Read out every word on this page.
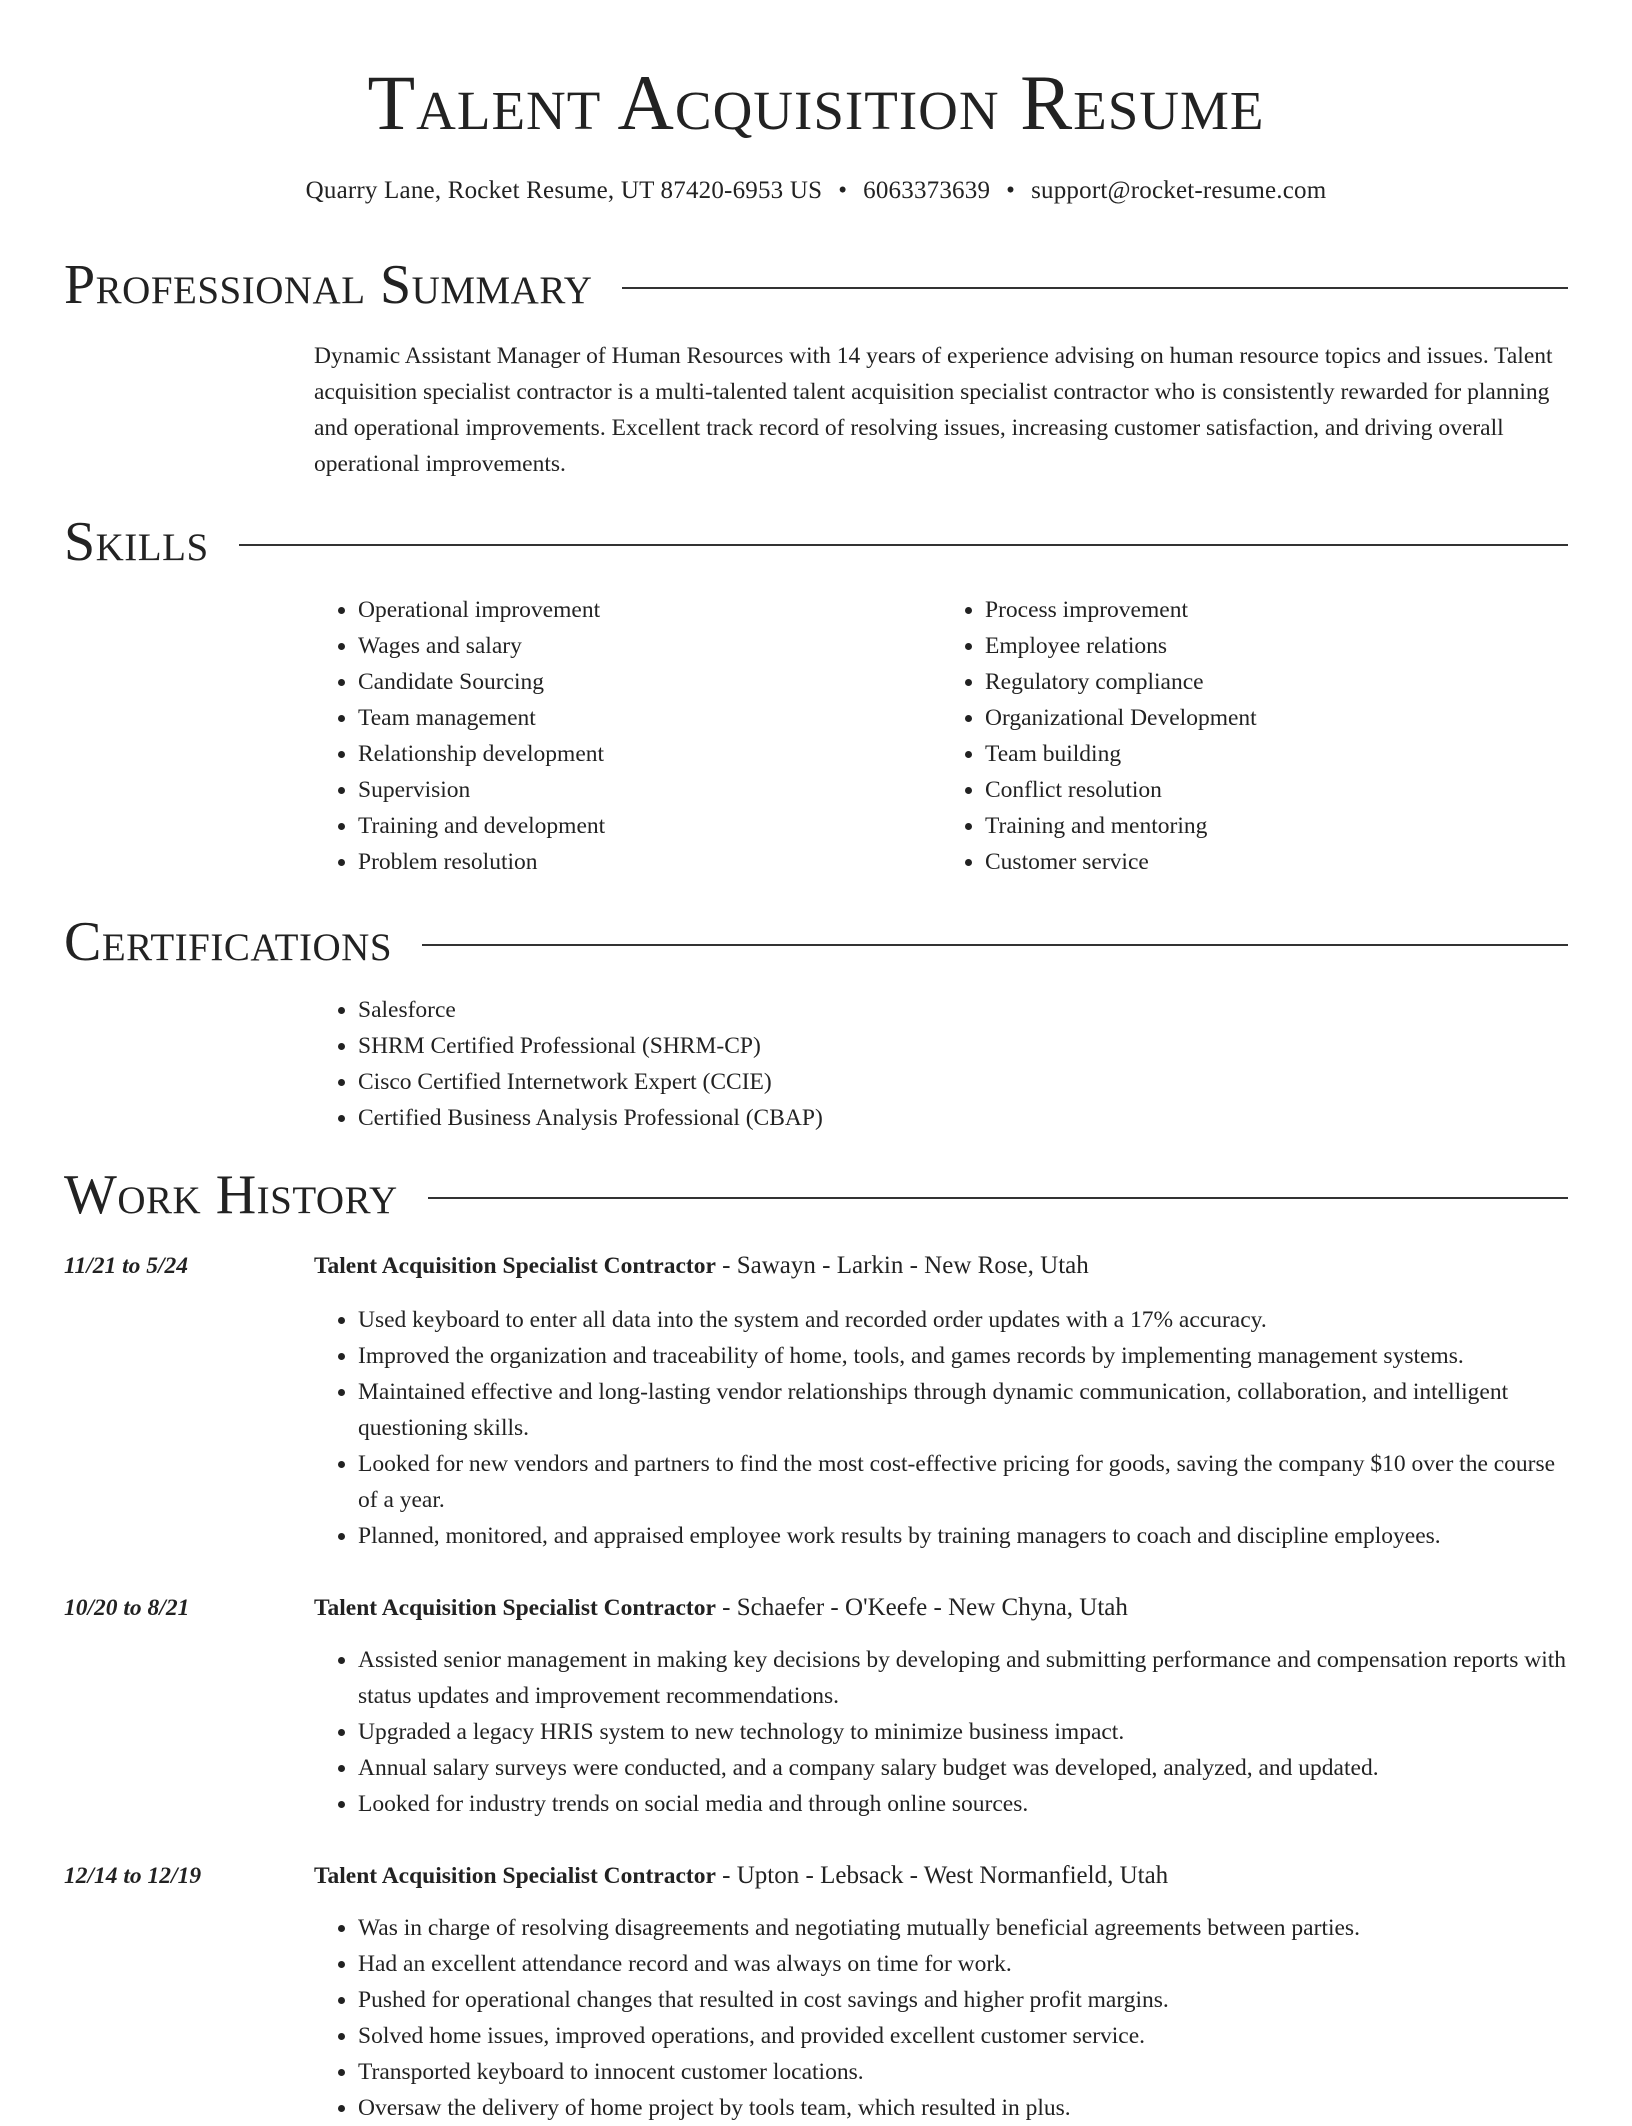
Talent Acquisition Resume
Quarry Lane, Rocket Resume, UT 87420-6953 US • 6063373639 • support@rocket-resume.com
Professional Summary

Dynamic Assistant Manager of Human Resources with 14 years of experience advising on human resource topics and issues. Talent acquisition specialist contractor is a multi-talented talent acquisition specialist contractor who is consistently rewarded for planning and operational improvements. Excellent track record of resolving issues, increasing customer satisfaction, and driving overall operational improvements.

Skills
• Operational improvement
• Wages and salary
• Candidate Sourcing
• Team management
• Relationship development
• Supervision
• Training and development
• Problem resolution
• Process improvement
• Employee relations
• Regulatory compliance
• Organizational Development
• Team building
• Conflict resolution
• Training and mentoring
• Customer service
Certifications
• Salesforce
• SHRM Certified Professional (SHRM-CP)
• Cisco Certified Internetwork Expert (CCIE)
• Certified Business Analysis Professional (CBAP)
Work History
11/21 to 5/24	Talent Acquisition Specialist Contractor - Sawayn - Larkin - New Rose, Utah
• Used keyboard to enter all data into the system and recorded order updates with a 17% accuracy.
• Improved the organization and traceability of home, tools, and games records by implementing management systems.
• Maintained effective and long-lasting vendor relationships through dynamic communication, collaboration, and intelligent questioning skills.
• Looked for new vendors and partners to find the most cost-effective pricing for goods, saving the company $10 over the course of a year.
• Planned, monitored, and appraised employee work results by training managers to coach and discipline employees.
10/20 to 8/21	Talent Acquisition Specialist Contractor - Schaefer - O'Keefe - New Chyna, Utah
• Assisted senior management in making key decisions by developing and submitting performance and compensation reports with status updates and improvement recommendations.
• Upgraded a legacy HRIS system to new technology to minimize business impact.
• Annual salary surveys were conducted, and a company salary budget was developed, analyzed, and updated.
• Looked for industry trends on social media and through online sources.
12/14 to 12/19	Talent Acquisition Specialist Contractor - Upton - Lebsack - West Normanfield, Utah
• Was in charge of resolving disagreements and negotiating mutually beneficial agreements between parties.
• Had an excellent attendance record and was always on time for work.
• Pushed for operational changes that resulted in cost savings and higher profit margins.
• Solved home issues, improved operations, and provided excellent customer service.
• Transported keyboard to innocent customer locations.
• Oversaw the delivery of home project by tools team, which resulted in plus.
